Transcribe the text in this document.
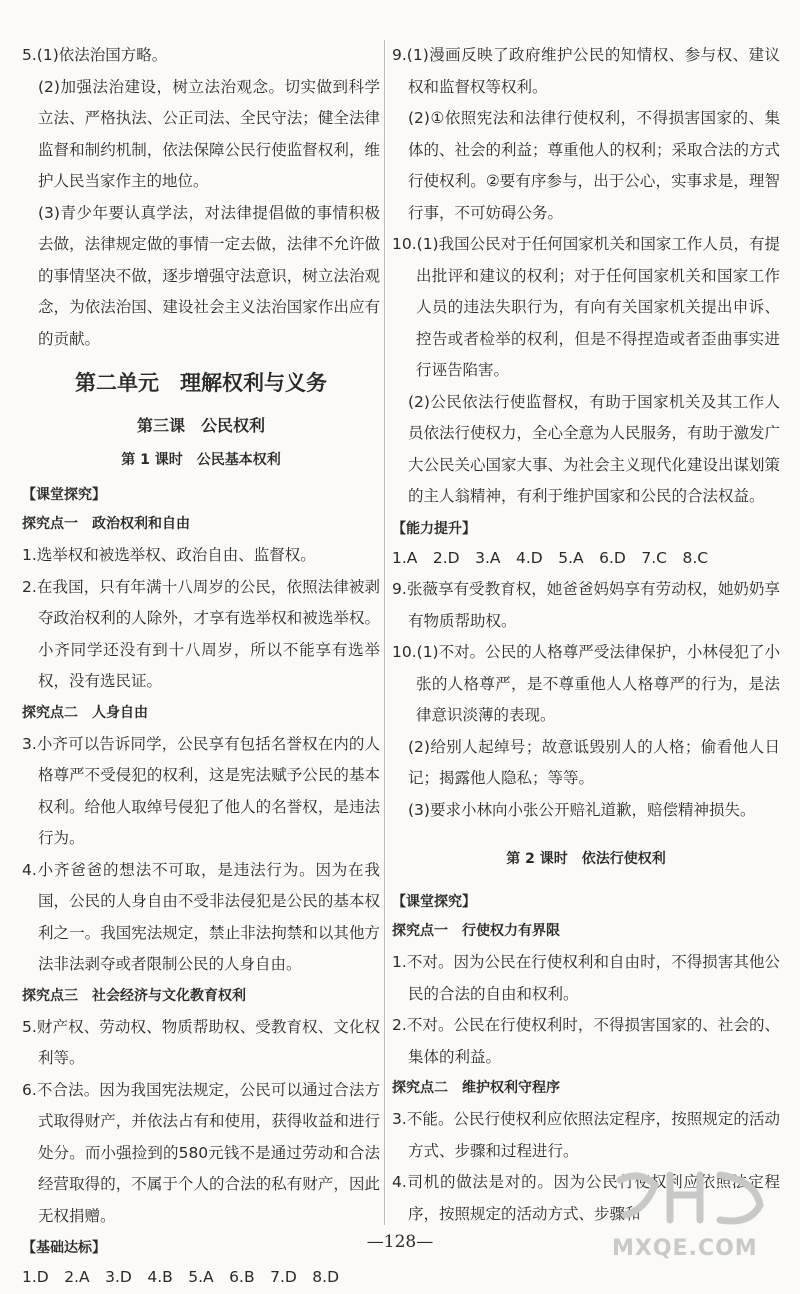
5.(1)依法治国方略。

(2)加强法治建设，树立法治观念。切实做到科学立法、严格执法、公正司法、全民守法；健全法律监督和制约机制，依法保障公民行使监督权利，维护人民当家作主的地位。

(3)青少年要认真学法，对法律提倡做的事情积极去做，法律规定做的事情一定去做，法律不允许做的事情坚决不做，逐步增强守法意识，树立法治观念，为依法治国、建设社会主义法治国家作出应有的贡献。

第二单元　理解权利与义务
第三课　公民权利
第 1 课时　公民基本权利

【课堂探究】

探究点一　政治权利和自由

1.选举权和被选举权、政治自由、监督权。

2.在我国，只有年满十八周岁的公民，依照法律被剥夺政治权利的人除外，才享有选举权和被选举权。小齐同学还没有到十八周岁，所以不能享有选举权，没有选民证。

探究点二　人身自由

3.小齐可以告诉同学，公民享有包括名誉权在内的人格尊严不受侵犯的权利，这是宪法赋予公民的基本权利。给他人取绰号侵犯了他人的名誉权，是违法行为。

4.小齐爸爸的想法不可取，是违法行为。因为在我国，公民的人身自由不受非法侵犯是公民的基本权利之一。我国宪法规定，禁止非法拘禁和以其他方法非法剥夺或者限制公民的人身自由。

探究点三　社会经济与文化教育权利

5.财产权、劳动权、物质帮助权、受教育权、文化权利等。

6.不合法。因为我国宪法规定，公民可以通过合法方式取得财产，并依法占有和使用，获得收益和进行处分。而小强捡到的580元钱不是通过劳动和合法经营取得的，不属于个人的合法的私有财产，因此无权捐赠。

【基础达标】

1.D　2.A　3.D　4.B　5.A　6.B　7.D　8.D

9.(1)漫画反映了政府维护公民的知情权、参与权、建议权和监督权等权利。

(2)①依照宪法和法律行使权利，不得损害国家的、集体的、社会的利益；尊重他人的权利；采取合法的方式行使权利。②要有序参与，出于公心，实事求是，理智行事，不可妨碍公务。

10.(1)我国公民对于任何国家机关和国家工作人员，有提出批评和建议的权利；对于任何国家机关和国家工作人员的违法失职行为，有向有关国家机关提出申诉、控告或者检举的权利，但是不得捏造或者歪曲事实进行诬告陷害。

(2)公民依法行使监督权，有助于国家机关及其工作人员依法行使权力，全心全意为人民服务，有助于激发广大公民关心国家大事、为社会主义现代化建设出谋划策的主人翁精神，有利于维护国家和公民的合法权益。

【能力提升】

1.A　2.D　3.A　4.D　5.A　6.D　7.C　8.C

9.张薇享有受教育权，她爸爸妈妈享有劳动权，她奶奶享有物质帮助权。

10.(1)不对。公民的人格尊严受法律保护，小林侵犯了小张的人格尊严，是不尊重他人人格尊严的行为，是法律意识淡薄的表现。

(2)给别人起绰号；故意诋毁别人的人格；偷看他人日记；揭露他人隐私；等等。

(3)要求小林向小张公开赔礼道歉，赔偿精神损失。

第 2 课时　依法行使权利

【课堂探究】

探究点一　行使权力有界限

1.不对。因为公民在行使权利和自由时，不得损害其他公民的合法的自由和权利。

2.不对。公民在行使权利时，不得损害国家的、社会的、集体的利益。

探究点二　维护权利守程序

3.不能。公民行使权利应依照法定程序，按照规定的活动方式、步骤和过程进行。

4.司机的做法是对的。因为公民行使权利应依照法定程序，按照规定的活动方式、步骤和

—128—	MXQE.COM
